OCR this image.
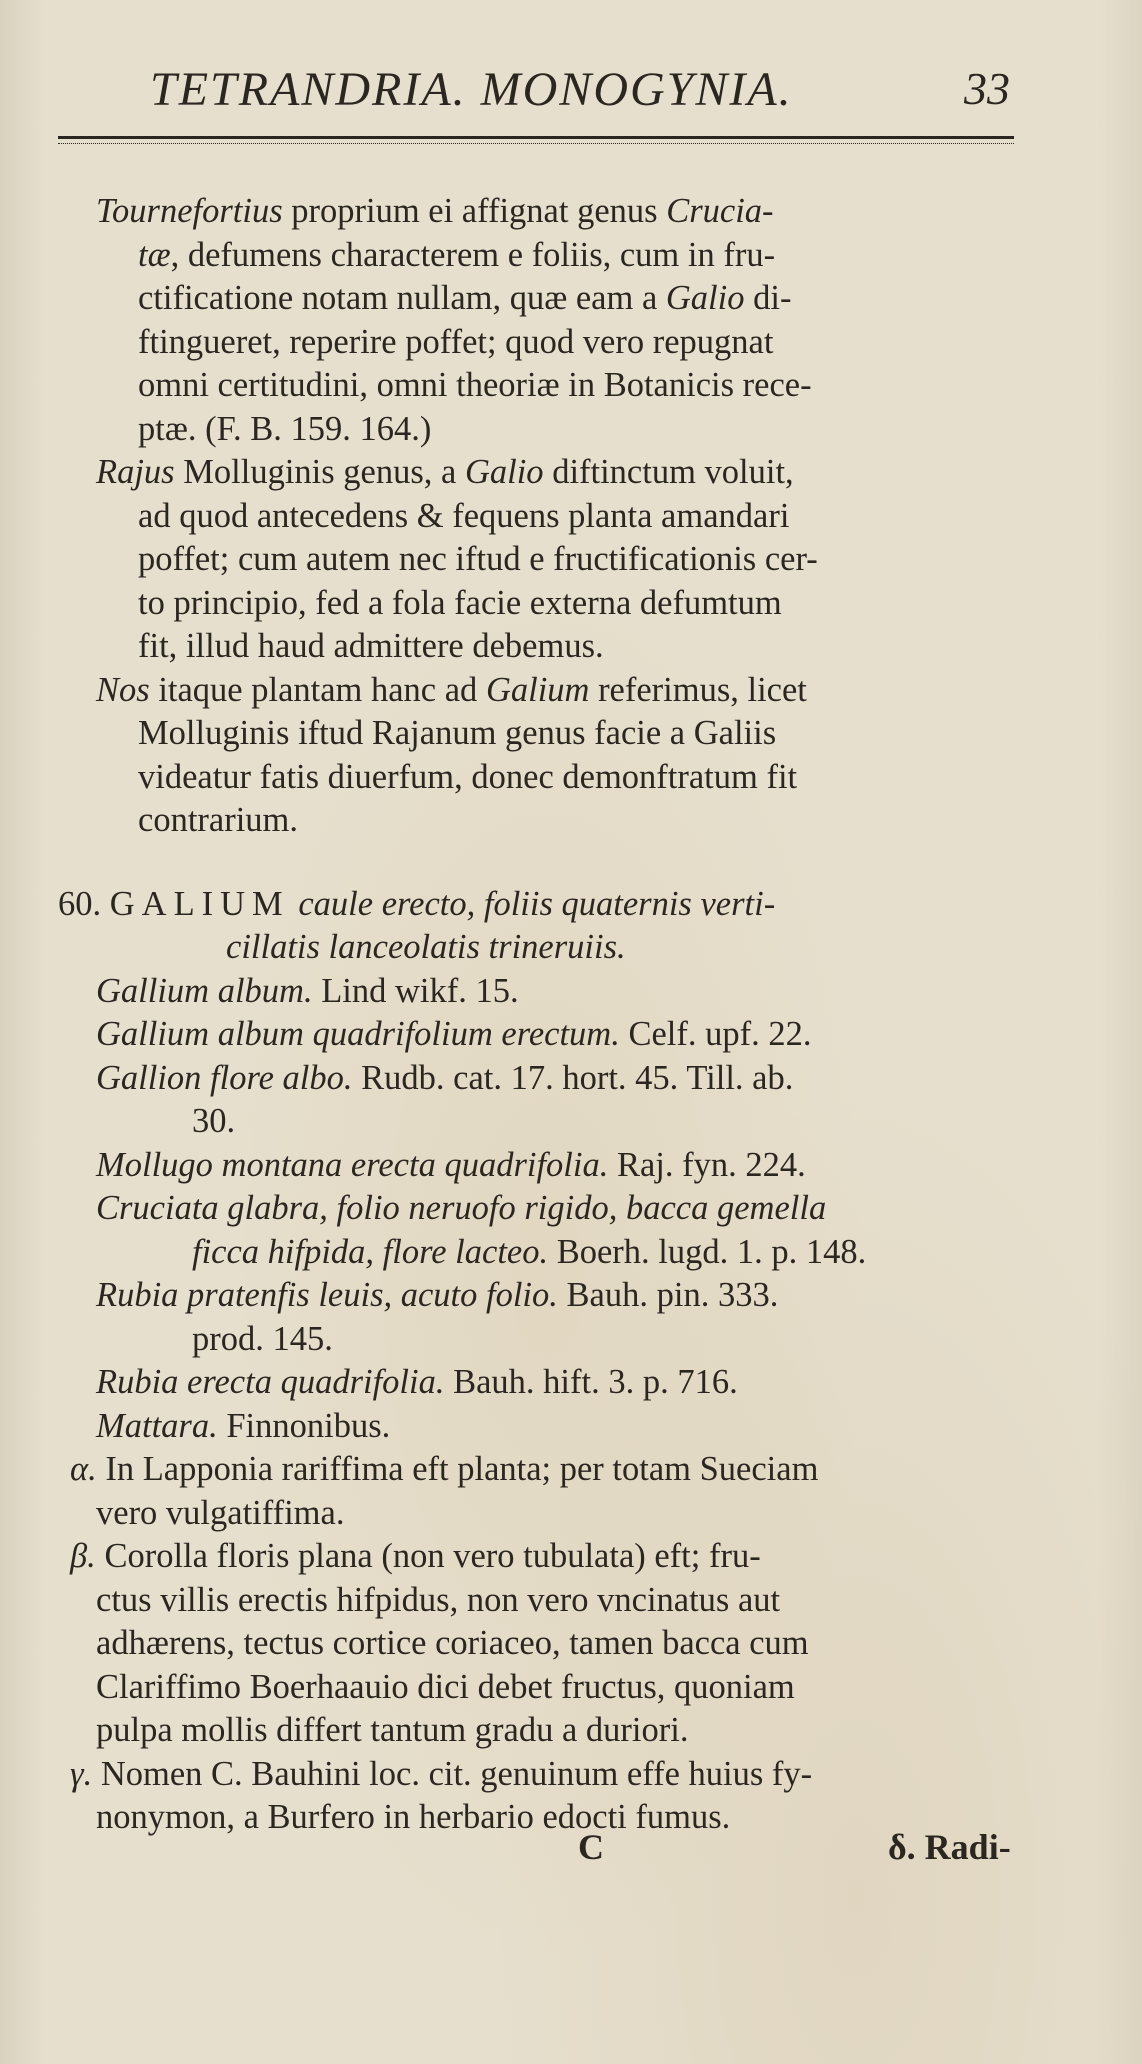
TETRANDRIA. MONOGYNIA.	33
Tournefortius proprium ei affignat genus Crucia-
tæ, defumens characterem e foliis, cum in fru-
ctificatione notam nullam, quæ eam a Galio di-
ftingueret, reperire poffet; quod vero repugnat
omni certitudini, omni theoriæ in Botanicis rece-
ptæ. (F. B. 159. 164.)
Rajus Molluginis genus, a Galio diftinctum voluit,
ad quod antecedens & fequens planta amandari
poffet; cum autem nec iftud e fructificationis cer-
to principio, fed a fola facie externa defumtum
fit, illud haud admittere debemus.
Nos itaque plantam hanc ad Galium referimus, licet
Molluginis iftud Rajanum genus facie a Galiis
videatur fatis diuerfum, donec demonftratum fit
contrarium.
60. GALIUM caule erecto, foliis quaternis verti-
cillatis lanceolatis trineruiis.
Gallium album. Lind wikf. 15.
Gallium album quadrifolium erectum. Celf. upf. 22.
Gallion flore albo. Rudb. cat. 17. hort. 45. Till. ab.
30.
Mollugo montana erecta quadrifolia. Raj. fyn. 224.
Cruciata glabra, folio neruofo rigido, bacca gemella
ficca hifpida, flore lacteo. Boerh. lugd. 1. p. 148.
Rubia pratenfis leuis, acuto folio. Bauh. pin. 333.
prod. 145.
Rubia erecta quadrifolia. Bauh. hift. 3. p. 716.
Mattara. Finnonibus.
α. In Lapponia rariffima eft planta; per totam Sueciam
vero vulgatiffima.
β. Corolla floris plana (non vero tubulata) eft; fru-
ctus villis erectis hifpidus, non vero vncinatus aut
adhærens, tectus cortice coriaceo, tamen bacca cum
Clariffimo Boerhaauio dici debet fructus, quoniam
pulpa mollis differt tantum gradu a duriori.
γ. Nomen C. Bauhini loc. cit. genuinum effe huius fy-
nonymon, a Burfero in herbario edocti fumus.
C	δ. Radi-
